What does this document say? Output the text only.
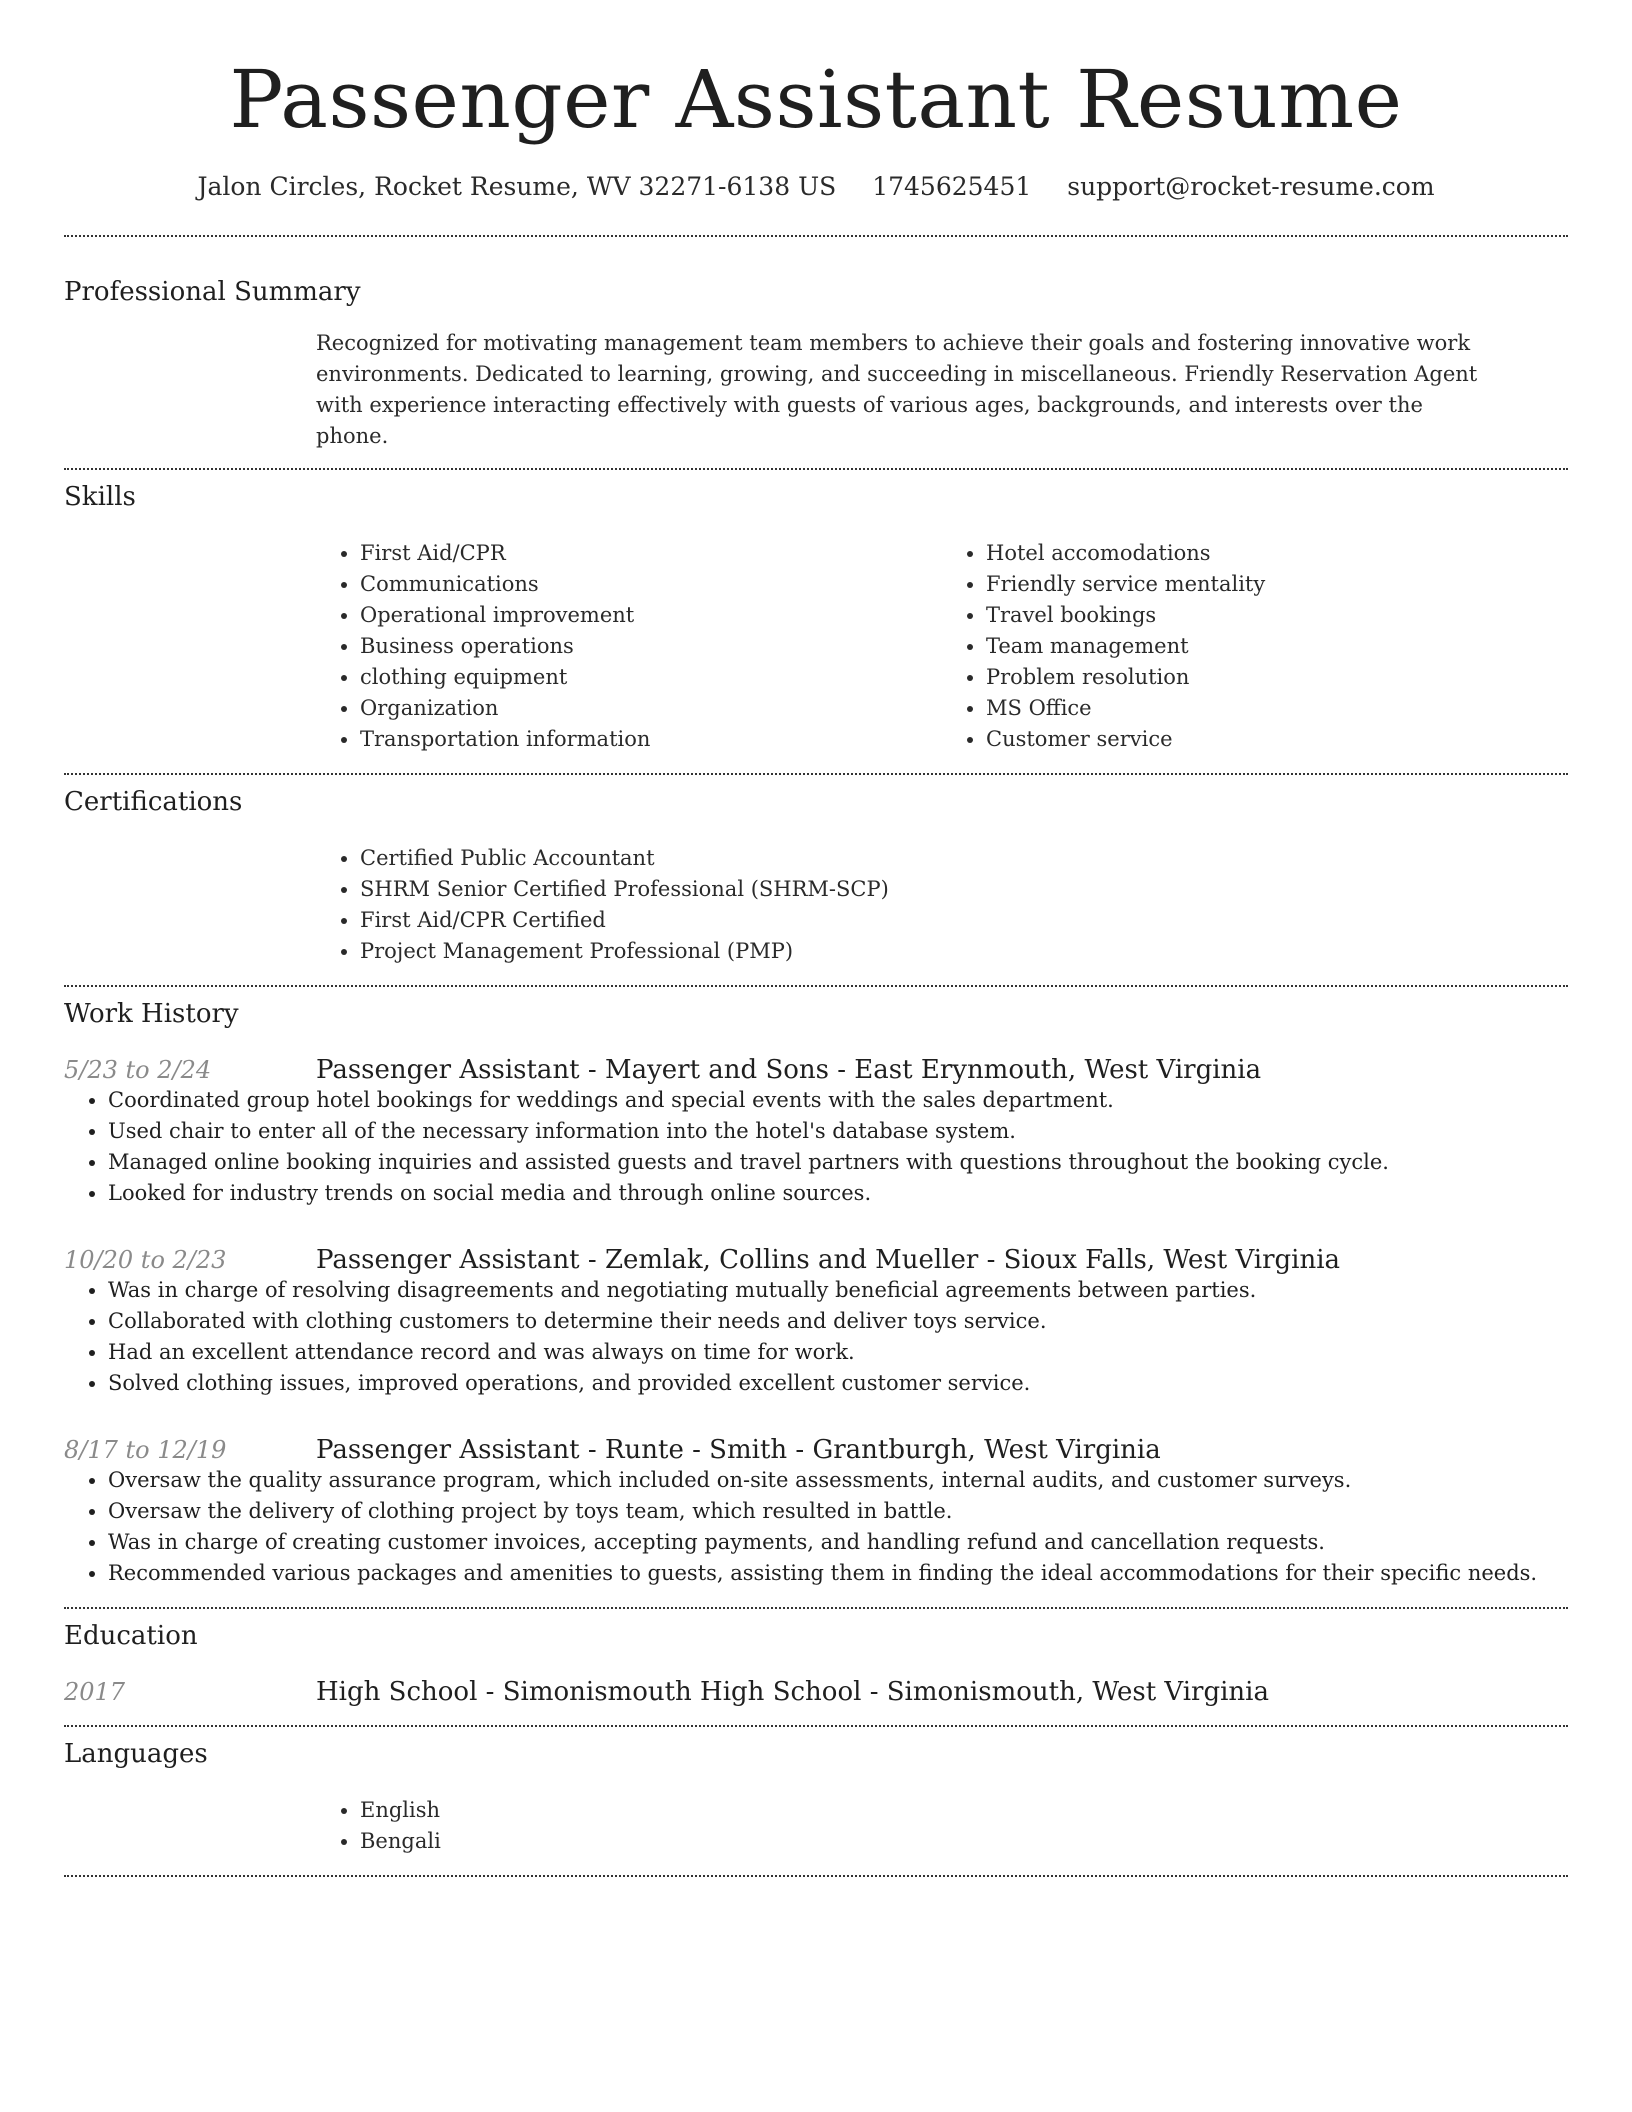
Passenger Assistant Resume
Jalon Circles, Rocket Resume, WV 32271-6138 US 1745625451 support@rocket-resume.com
Professional Summary
Recognized for motivating management team members to achieve their goals and fostering innovative work environments. Dedicated to learning, growing, and succeeding in miscellaneous. Friendly Reservation Agent with experience interacting effectively with guests of various ages, backgrounds, and interests over the phone.
Skills
• First Aid/CPR
• Communications
• Operational improvement
• Business operations
• clothing equipment
• Organization
• Transportation information
• Hotel accomodations
• Friendly service mentality
• Travel bookings
• Team management
• Problem resolution
• MS Office
• Customer service
Certifications
• Certified Public Accountant
• SHRM Senior Certified Professional (SHRM-SCP)
• First Aid/CPR Certified
• Project Management Professional (PMP)
Work History
5/23 to 2/24	Passenger Assistant - Mayert and Sons - East Erynmouth, West Virginia
• Coordinated group hotel bookings for weddings and special events with the sales department.
• Used chair to enter all of the necessary information into the hotel's database system.
• Managed online booking inquiries and assisted guests and travel partners with questions throughout the booking cycle.
• Looked for industry trends on social media and through online sources.
10/20 to 2/23	Passenger Assistant - Zemlak, Collins and Mueller - Sioux Falls, West Virginia
• Was in charge of resolving disagreements and negotiating mutually beneficial agreements between parties.
• Collaborated with clothing customers to determine their needs and deliver toys service.
• Had an excellent attendance record and was always on time for work.
• Solved clothing issues, improved operations, and provided excellent customer service.
8/17 to 12/19	Passenger Assistant - Runte - Smith - Grantburgh, West Virginia
• Oversaw the quality assurance program, which included on-site assessments, internal audits, and customer surveys.
• Oversaw the delivery of clothing project by toys team, which resulted in battle.
• Was in charge of creating customer invoices, accepting payments, and handling refund and cancellation requests.
• Recommended various packages and amenities to guests, assisting them in finding the ideal accommodations for their specific needs.
Education
2017	High School - Simonismouth High School - Simonismouth, West Virginia
Languages
• English
• Bengali
